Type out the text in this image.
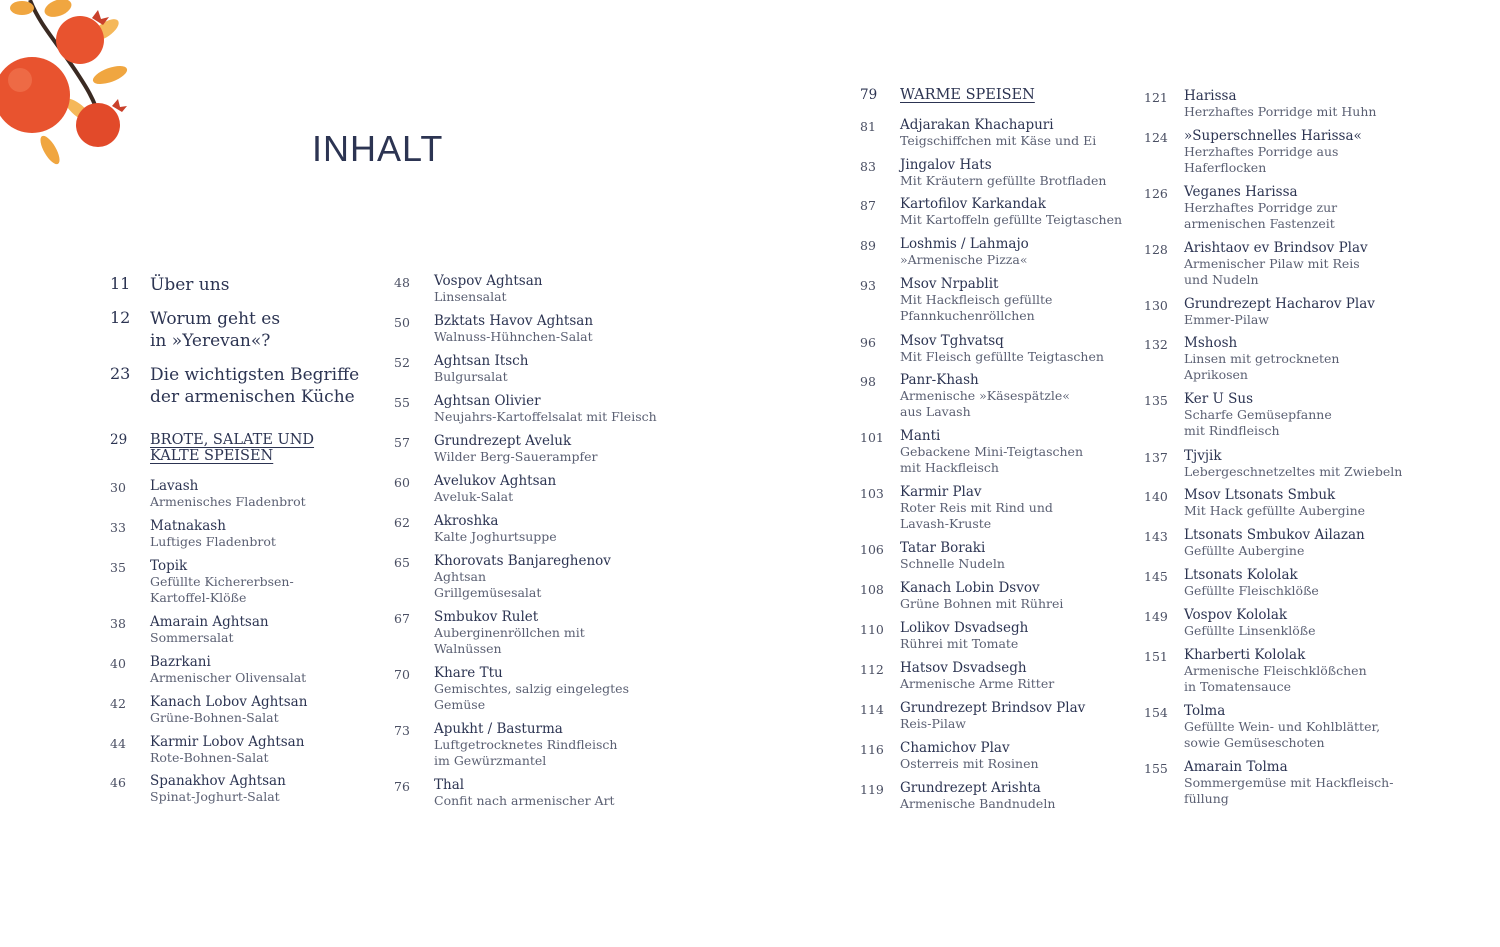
INHALT
11	Über uns
12	Worum geht es
in »Yerevan«?
23	Die wichtigsten Begriffe
der armenischen Küche
29	BROTE, SALATE UND
KALTE SPEISEN
30	Lavash
Armenisches Fladenbrot
33	Matnakash
Luftiges Fladenbrot
35	Topik
Gefüllte Kichererbsen-
Kartoffel-Klöße
38	Amarain Aghtsan
Sommersalat
40	Bazrkani
Armenischer Olivensalat
42	Kanach Lobov Aghtsan
Grüne-Bohnen-Salat
44	Karmir Lobov Aghtsan
Rote-Bohnen-Salat
46	Spanakhov Aghtsan
Spinat-Joghurt-Salat
48	Vospov Aghtsan
Linsensalat
50	Bzktats Havov Aghtsan
Walnuss-Hühnchen-Salat
52	Aghtsan Itsch
Bulgursalat
55	Aghtsan Olivier
Neujahrs-Kartoffelsalat mit Fleisch
57	Grundrezept Aveluk
Wilder Berg-Sauerampfer
60	Avelukov Aghtsan
Aveluk-Salat
62	Akroshka
Kalte Joghurtsuppe
65	Khorovats Banjareghenov
Aghtsan
Grillgemüsesalat
67	Smbukov Rulet
Auberginenröllchen mit
Walnüssen
70	Khare Ttu
Gemischtes, salzig eingelegtes
Gemüse
73	Apukht / Basturma
Luftgetrocknetes Rindfleisch
im Gewürzmantel
76	Thal
Confit nach armenischer Art
79	WARME SPEISEN
81	Adjarakan Khachapuri
Teigschiffchen mit Käse und Ei
83	Jingalov Hats
Mit Kräutern gefüllte Brotfladen
87	Kartofilov Karkandak
Mit Kartoffeln gefüllte Teigtaschen
89	Loshmis / Lahmajo
»Armenische Pizza«
93	Msov Nrpablit
Mit Hackfleisch gefüllte
Pfannkuchenröllchen
96	Msov Tghvatsq
Mit Fleisch gefüllte Teigtaschen
98	Panr-Khash
Armenische »Käsespätzle«
aus Lavash
101	Manti
Gebackene Mini-Teigtaschen
mit Hackfleisch
103	Karmir Plav
Roter Reis mit Rind und
Lavash-Kruste
106	Tatar Boraki
Schnelle Nudeln
108	Kanach Lobin Dsvov
Grüne Bohnen mit Rührei
110	Lolikov Dsvadsegh
Rührei mit Tomate
112	Hatsov Dsvadsegh
Armenische Arme Ritter
114	Grundrezept Brindsov Plav
Reis-Pilaw
116	Chamichov Plav
Osterreis mit Rosinen
119	Grundrezept Arishta
Armenische Bandnudeln
121	Harissa
Herzhaftes Porridge mit Huhn
124	»Superschnelles Harissa«
Herzhaftes Porridge aus
Haferflocken
126	Veganes Harissa
Herzhaftes Porridge zur
armenischen Fastenzeit
128	Arishtaov ev Brindsov Plav
Armenischer Pilaw mit Reis
und Nudeln
130	Grundrezept Hacharov Plav
Emmer-Pilaw
132	Mshosh
Linsen mit getrockneten
Aprikosen
135	Ker U Sus
Scharfe Gemüsepfanne
mit Rindfleisch
137	Tjvjik
Lebergeschnetzeltes mit Zwiebeln
140	Msov Ltsonats Smbuk
Mit Hack gefüllte Aubergine
143	Ltsonats Smbukov Ailazan
Gefüllte Aubergine
145	Ltsonats Kololak
Gefüllte Fleischklöße
149	Vospov Kololak
Gefüllte Linsenklöße
151	Kharberti Kololak
Armenische Fleischklößchen
in Tomatensauce
154	Tolma
Gefüllte Wein- und Kohlblätter,
sowie Gemüseschoten
155	Amarain Tolma
Sommergemüse mit Hackfleisch-
füllung
